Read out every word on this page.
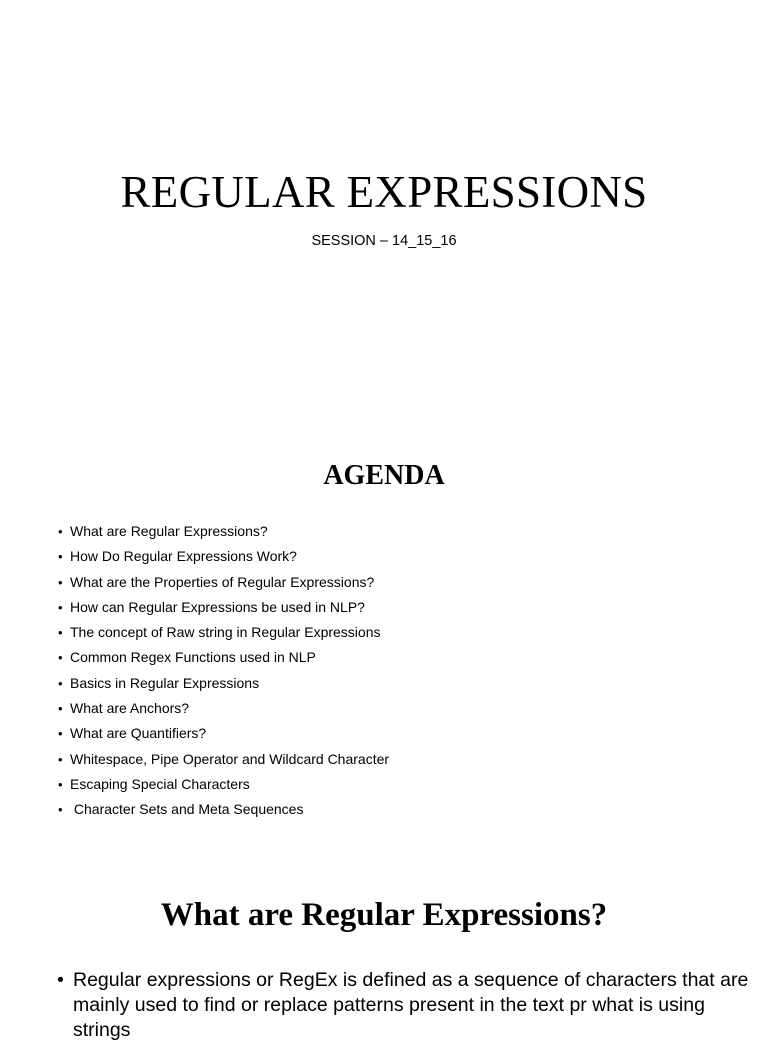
REGULAR EXPRESSIONS
SESSION – 14_15_16
AGENDA
• What are Regular Expressions?
• How Do Regular Expressions Work?
• What are the Properties of Regular Expressions?
• How can Regular Expressions be used in NLP?
• The concept of Raw string in Regular Expressions
• Common Regex Functions used in NLP
• Basics in Regular Expressions
• What are Anchors?
• What are Quantifiers?
• Whitespace, Pipe Operator and Wildcard Character
• Escaping Special Characters
• Character Sets and Meta Sequences
What are Regular Expressions?
• Regular expressions or RegEx is defined as a sequence of characters that are mainly used to find or replace patterns present in the text pr what is using strings
